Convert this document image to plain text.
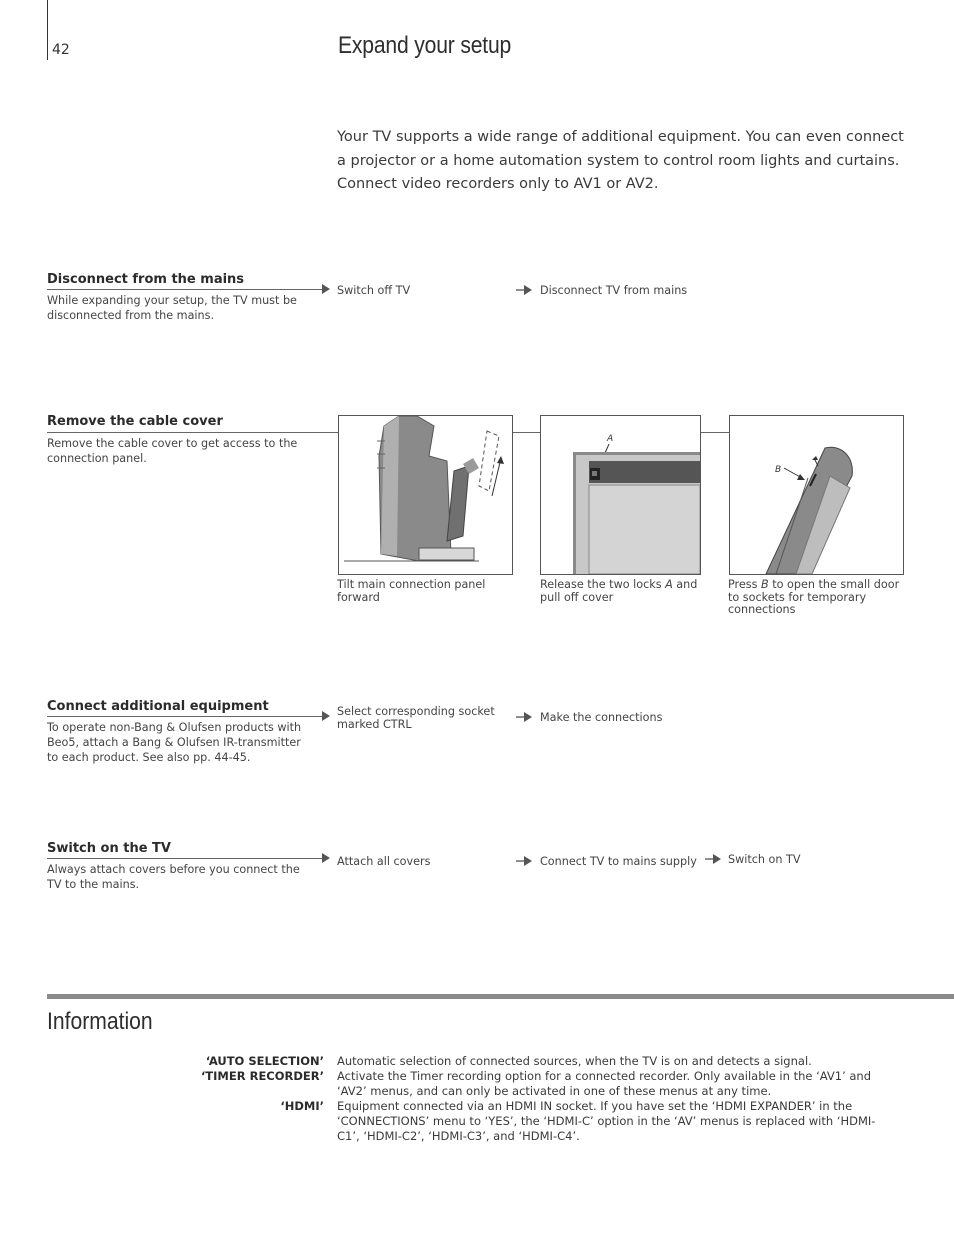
42	Expand your setup
Your TV supports a wide range of additional equipment. You can even connect a projector or a home automation system to control room lights and curtains. Connect video recorders only to AV1 or AV2.
Disconnect from the mains
While expanding your setup, the TV must be disconnected from the mains.
Switch off TV	Disconnect TV from mains
Remove the cable cover
Remove the cable cover to get access to the connection panel.
Tilt main connection panel forward
A
Release the two locks A and pull off cover
B
Press B to open the small door to sockets for temporary connections
Connect additional equipment
To operate non-Bang & Olufsen products with Beo5, attach a Bang & Olufsen IR-transmitter to each product. See also pp. 44-45.
Select corresponding socket marked CTRL
Make the connections
Switch on the TV
Always attach covers before you connect the TV to the mains.
Attach all covers	Connect TV to mains supply	Switch on TV
Information
‘AUTO SELECTION’ Automatic selection of connected sources, when the TV is on and detects a signal.
‘TIMER RECORDER’ Activate the Timer recording option for a connected recorder. Only available in the ‘AV1’ and ‘AV2’ menus, and can only be activated in one of these menus at any time.
‘HDMI’ Equipment connected via an HDMI IN socket. If you have set the ‘HDMI EXPANDER’ in the ‘CONNECTIONS’ menu to ‘YES’, the ‘HDMI-C’ option in the ‘AV’ menus is replaced with ‘HDMI-C1’, ‘HDMI-C2’, ‘HDMI-C3’, and ‘HDMI-C4’.
